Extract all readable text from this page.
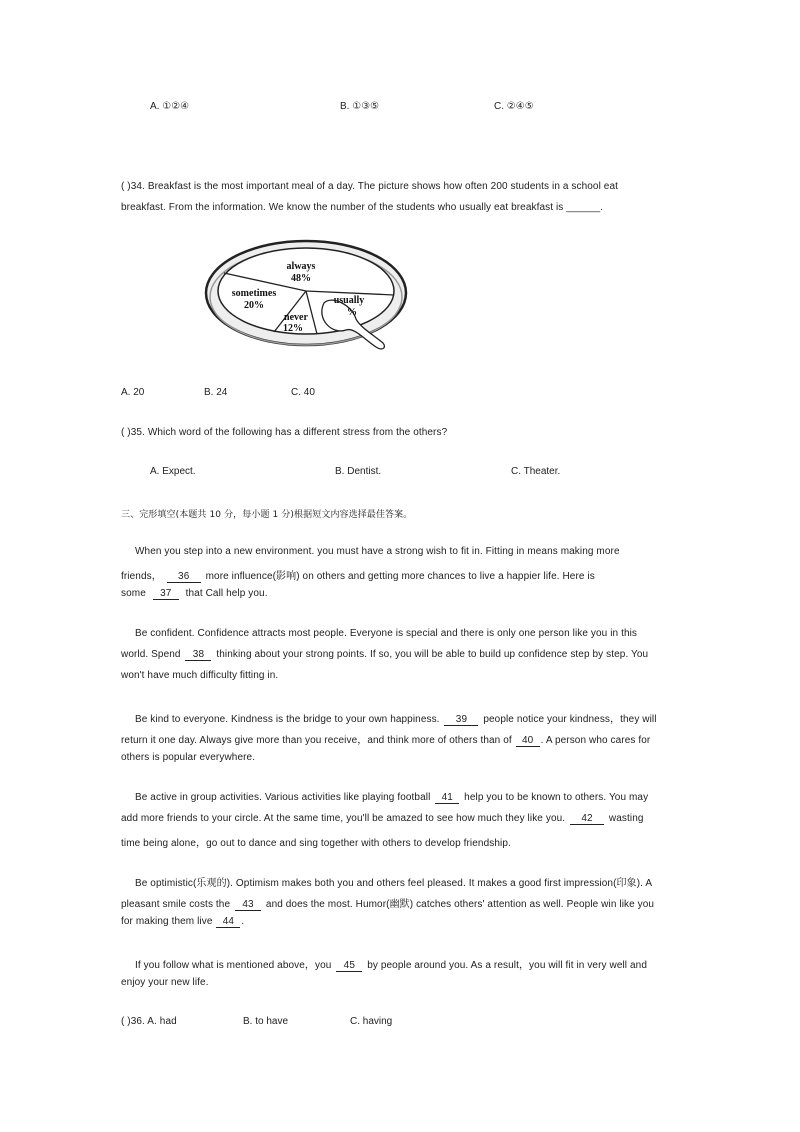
A. ①②④	B. ①③⑤	C. ②④⑤
( )34. Breakfast is the most important meal of a day. The picture shows how often 200 students in a school eat
breakfast. From the information. We know the number of the students who usually eat breakfast is ______.
always
48%
sometimes
20%
never
12%
usually
%
A. 20	B. 24	C. 40
( )35. Which word of the following has a different stress from the others?
A. Expect.	B. Dentist.	C. Theater.
三、完形填空(本题共 10 分，每小题 1 分)根据短文内容选择最佳答案。
When you step into a new environment. you must have a strong wish to fit in. Fitting in means making more
friends， 36 more influence(影响) on others and getting more chances to live a happier life. Here is
some 37 that Call help you.
Be confident. Confidence attracts most people. Everyone is special and there is only one person like you in this
world. Spend 38 thinking about your strong points. If so, you will be able to build up confidence step by step. You
won't have much difficulty fitting in.
Be kind to everyone. Kindness is the bridge to your own happiness. 39 people notice your kindness，they will
return it one day. Always give more than you receive，and think more of others than of 40 . A person who cares for
others is popular everywhere.
Be active in group activities. Various activities like playing football 41 help you to be known to others. You may
add more friends to your circle. At the same time, you'll be amazed to see how much they like you. 42 wasting
time being alone，go out to dance and sing together with others to develop friendship.
Be optimistic(乐观的). Optimism makes both you and others feel pleased. It makes a good first impression(印象). A
pleasant smile costs the 43 and does the most. Humor(幽默) catches others' attention as well. People win like you
for making them live 44 .
If you follow what is mentioned above，you 45 by people around you. As a result，you will fit in very well and
enjoy your new life.
( )36. A. had	B. to have	C. having
